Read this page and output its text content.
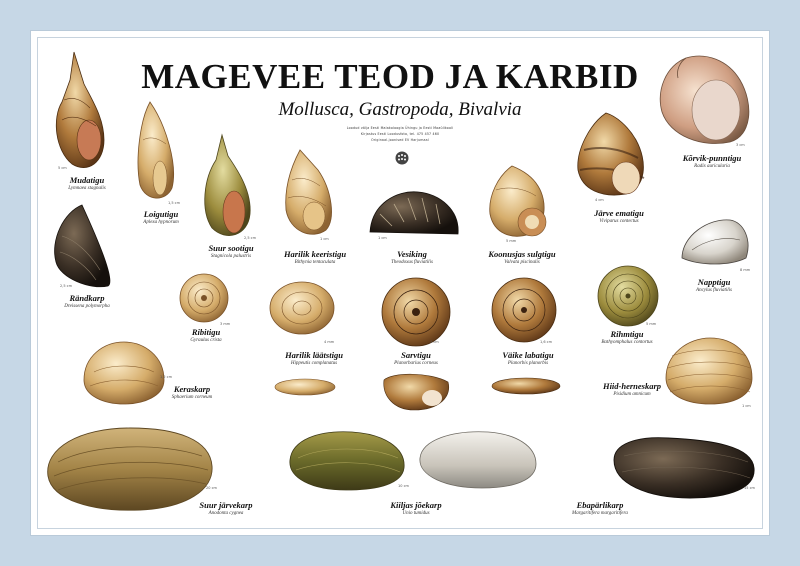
MAGEVEE TEOD JA KARBID
Mollusca, Gastropoda, Bivalvia
Loodud välja Eesti Malakoloogia Ühingu ja Eesti Maaülikooli
Kirjastus Eesti Loodusfoto, tel. 475 457 460
Originaal-joonised EV Harjumaal
Mudatigu
Lymnaea stagnalis
Loigutigu
Aplexa hypnorum
Suur sootigu
Stagnicola palustris	Harilik keeristigu
Bithynia tentaculata
Vesiking
Theodoxus fluviatilis
Koonusjas sulgtigu
Valvata piscinalis
Järve ematigu
Viviparus contectus
Kõrvik-punntigu
Radix auricularia
Rändkarp
Dreissena polymorpha
Ribitigu
Gyraulus crista
Harilik läätstigu
Hippeutis complanatus
Sarvtigu
Planorbarius corneus
Väike labatigu
Planorbis planorbis
Rihmtigu
Bathyomphalus contortus
Napptigu
Ancylus fluviatilis
Keraskarp
Sphaerium corneum
Hiid-herneskarp
Pisidium amnicum
Suur järvekarp
Anodonta cygnea
Kiiljas jõekarp
Unio tumidus
Ebapärlikarp
Margaritifera margaritifera
5 cm
1,5 cm
2,5 cm	1 cm	1 cm
5 mm
4 cm
3 cm
2,5 cm
3 mm
4 mm	3 cm	1,6 cm
5 mm
8 mm
1,2 cm
1 cm
20 cm	10 cm	15 cm
